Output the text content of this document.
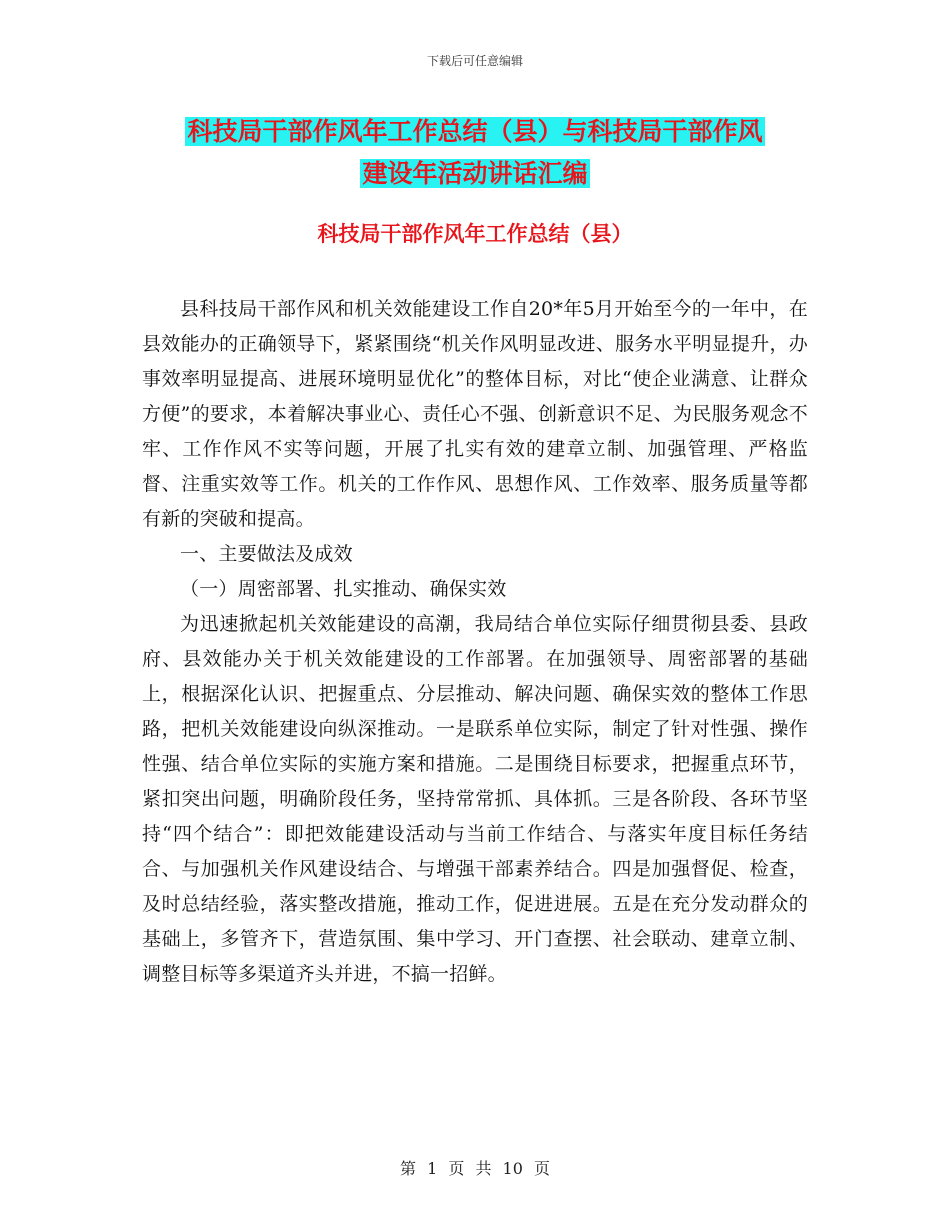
下载后可任意编辑
科技局干部作风年工作总结（县）与科技局干部作风
建设年活动讲话汇编
科技局干部作风年工作总结（县）

县科技局干部作风和机关效能建设工作自20*年5月开始至今的一年中，在县效能办的正确领导下，紧紧围绕“机关作风明显改进、服务水平明显提升，办事效率明显提高、进展环境明显优化”的整体目标，对比“使企业满意、让群众方便”的要求，本着解决事业心、责任心不强、创新意识不足、为民服务观念不牢、工作作风不实等问题，开展了扎实有效的建章立制、加强管理、严格监督、注重实效等工作。机关的工作作风、思想作风、工作效率、服务质量等都有新的突破和提高。

一、主要做法及成效

（一）周密部署、扎实推动、确保实效

为迅速掀起机关效能建设的高潮，我局结合单位实际仔细贯彻县委、县政府、县效能办关于机关效能建设的工作部署。在加强领导、周密部署的基础上，根据深化认识、把握重点、分层推动、解决问题、确保实效的整体工作思路，把机关效能建设向纵深推动。一是联系单位实际，制定了针对性强、操作性强、结合单位实际的实施方案和措施。二是围绕目标要求，把握重点环节，紧扣突出问题，明确阶段任务，坚持常常抓、具体抓。三是各阶段、各环节坚持“四个结合”：即把效能建设活动与当前工作结合、与落实年度目标任务结合、与加强机关作风建设结合、与增强干部素养结合。四是加强督促、检查，及时总结经验，落实整改措施，推动工作，促进进展。五是在充分发动群众的基础上，多管齐下，营造氛围、集中学习、开门查摆、社会联动、建章立制、调整目标等多渠道齐头并进，不搞一招鲜。

第 1 页 共 10 页
